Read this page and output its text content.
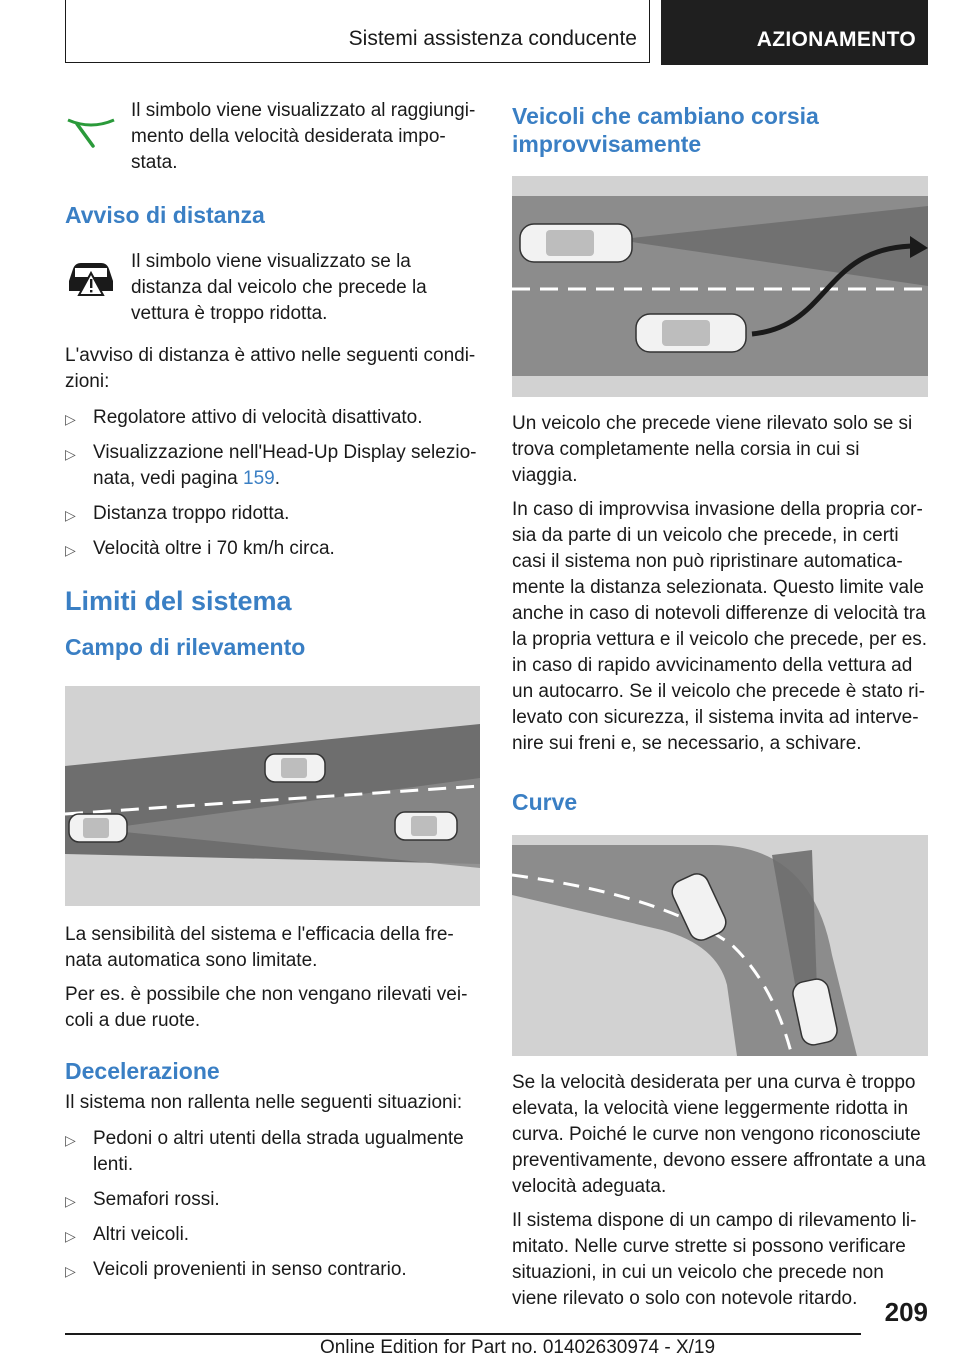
Sistemi assistenza conducente	AZIONAMENTO

Il simbolo viene visualizzato al raggiungi-mento della velocità desiderata impo-stata.

Avviso di distanza

Il simbolo viene visualizzato se la distanza dal veicolo che precede la vettura è troppo ridotta.

L'avviso di distanza è attivo nelle seguenti condi-zioni:

▷ Regolatore attivo di velocità disattivato.
▷ Visualizzazione nell'Head-Up Display selezio-nata, vedi pagina 159.
▷ Distanza troppo ridotta.
▷ Velocità oltre i 70 km/h circa.
Limiti del sistema
Campo di rilevamento

La sensibilità del sistema e l'efficacia della fre-nata automatica sono limitate.

Per es. è possibile che non vengano rilevati vei-coli a due ruote.

Decelerazione

Il sistema non rallenta nelle seguenti situazioni:

▷ Pedoni o altri utenti della strada ugualmente lenti.
▷ Semafori rossi.
▷ Altri veicoli.
▷ Veicoli provenienti in senso contrario.
Veicoli che cambiano corsia improvvisamente

Un veicolo che precede viene rilevato solo se si trova completamente nella corsia in cui si viaggia.

In caso di improvvisa invasione della propria cor-sia da parte di un veicolo che precede, in certi casi il sistema non può ripristinare automatica-mente la distanza selezionata. Questo limite vale anche in caso di notevoli differenze di velocità tra la propria vettura e il veicolo che precede, per es. in caso di rapido avvicinamento della vettura ad un autocarro. Se il veicolo che precede è stato ri-levato con sicurezza, il sistema invita ad interve-nire sui freni e, se necessario, a schivare.

Curve

Se la velocità desiderata per una curva è troppo elevata, la velocità viene leggermente ridotta in curva. Poiché le curve non vengono riconosciute preventivamente, devono essere affrontate a una velocità adeguata.

Il sistema dispone di un campo di rilevamento li-mitato. Nelle curve strette si possono verificare situazioni, in cui un veicolo che precede non viene rilevato o solo con notevole ritardo.	209
Online Edition for Part no. 01402630974 - X/19
